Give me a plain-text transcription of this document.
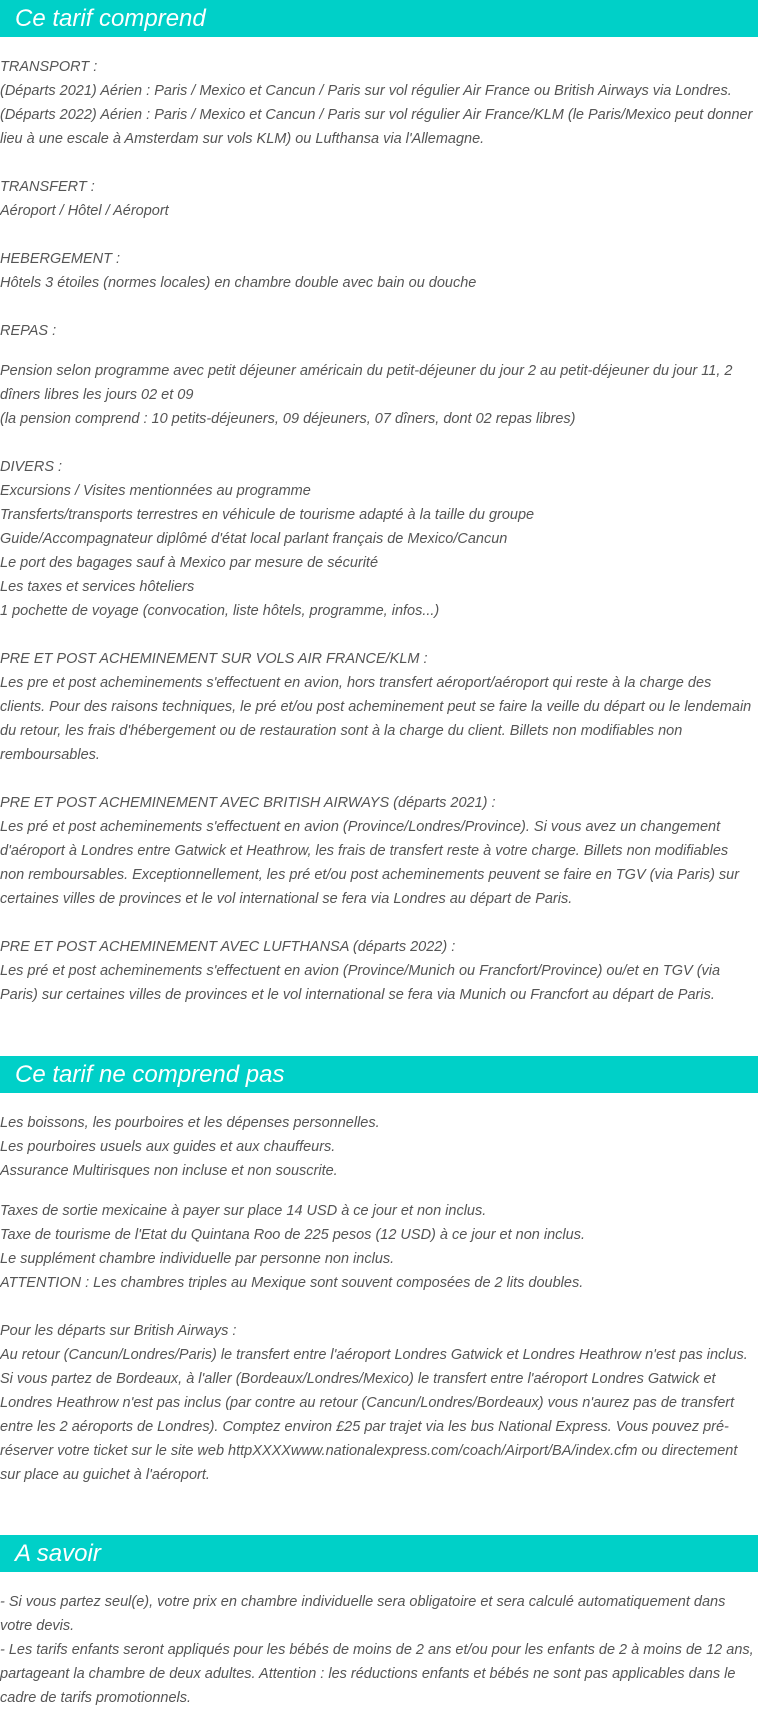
Ce tarif comprend
TRANSPORT :
(Départs 2021) Aérien : Paris / Mexico et Cancun / Paris sur vol régulier Air France ou British Airways via Londres.
(Départs 2022) Aérien : Paris / Mexico et Cancun / Paris sur vol régulier Air France/KLM (le Paris/Mexico peut donner lieu à une escale à Amsterdam sur vols KLM) ou Lufthansa via l'Allemagne.
TRANSFERT :
Aéroport / Hôtel / Aéroport
HEBERGEMENT :
Hôtels 3 étoiles (normes locales) en chambre double avec bain ou douche
REPAS :
Pension selon programme avec petit déjeuner américain du petit-déjeuner du jour 2 au petit-déjeuner du jour 11, 2 dîners libres les jours 02 et 09
(la pension comprend : 10 petits-déjeuners, 09 déjeuners, 07 dîners, dont 02 repas libres)
DIVERS :
Excursions / Visites mentionnées au programme
Transferts/transports terrestres en véhicule de tourisme adapté à la taille du groupe
Guide/Accompagnateur diplômé d'état local parlant français de Mexico/Cancun
Le port des bagages sauf à Mexico par mesure de sécurité
Les taxes et services hôteliers
1 pochette de voyage (convocation, liste hôtels, programme, infos...)
PRE ET POST ACHEMINEMENT SUR VOLS AIR FRANCE/KLM :
Les pre et post acheminements s'effectuent en avion, hors transfert aéroport/aéroport qui reste à la charge des clients. Pour des raisons techniques, le pré et/ou post acheminement peut se faire la veille du départ ou le lendemain du retour, les frais d'hébergement ou de restauration sont à la charge du client. Billets non modifiables non remboursables.
PRE ET POST ACHEMINEMENT AVEC BRITISH AIRWAYS (départs 2021) :
Les pré et post acheminements s'effectuent en avion (Province/Londres/Province). Si vous avez un changement d'aéroport à Londres entre Gatwick et Heathrow, les frais de transfert reste à votre charge. Billets non modifiables non remboursables. Exceptionnellement, les pré et/ou post acheminements peuvent se faire en TGV (via Paris) sur certaines villes de provinces et le vol international se fera via Londres au départ de Paris.
PRE ET POST ACHEMINEMENT AVEC LUFTHANSA (départs 2022) :
Les pré et post acheminements s'effectuent en avion (Province/Munich ou Francfort/Province) ou/et en TGV (via Paris) sur certaines villes de provinces et le vol international se fera via Munich ou Francfort au départ de Paris.
Ce tarif ne comprend pas
Les boissons, les pourboires et les dépenses personnelles.
Les pourboires usuels aux guides et aux chauffeurs.
Assurance Multirisques non incluse et non souscrite.
Taxes de sortie mexicaine à payer sur place 14 USD à ce jour et non inclus.
Taxe de tourisme de l'Etat du Quintana Roo de 225 pesos (12 USD) à ce jour et non inclus.
Le supplément chambre individuelle par personne non inclus.
ATTENTION : Les chambres triples au Mexique sont souvent composées de 2 lits doubles.
Pour les départs sur British Airways :
Au retour (Cancun/Londres/Paris) le transfert entre l'aéroport Londres Gatwick et Londres Heathrow n'est pas inclus. Si vous partez de Bordeaux, à l'aller (Bordeaux/Londres/Mexico) le transfert entre l'aéroport Londres Gatwick et Londres Heathrow n'est pas inclus (par contre au retour (Cancun/Londres/Bordeaux) vous n'aurez pas de transfert entre les 2 aéroports de Londres). Comptez environ £25 par trajet via les bus National Express. Vous pouvez pré-réserver votre ticket sur le site web httpXXXXwww.nationalexpress.com/coach/Airport/BA/index.cfm ou directement sur place au guichet à l'aéroport.
A savoir
- Si vous partez seul(e), votre prix en chambre individuelle sera obligatoire et sera calculé automatiquement dans votre devis.
- Les tarifs enfants seront appliqués pour les bébés de moins de 2 ans et/ou pour les enfants de 2 à moins de 12 ans, partageant la chambre de deux adultes. Attention : les réductions enfants et bébés ne sont pas applicables dans le cadre de tarifs promotionnels.
